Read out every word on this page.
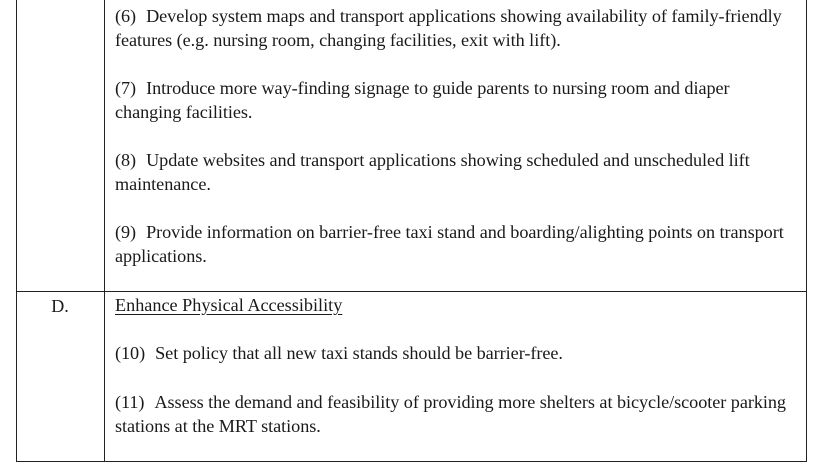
(6) Develop system maps and transport applications showing availability of family-friendly features (e.g. nursing room, changing facilities, exit with lift).
(7) Introduce more way-finding signage to guide parents to nursing room and diaper changing facilities.
(8) Update websites and transport applications showing scheduled and unscheduled lift maintenance.
(9) Provide information on barrier-free taxi stand and boarding/alighting points on transport applications.
D.	Enhance Physical Accessibility
(10) Set policy that all new taxi stands should be barrier-free.
(11) Assess the demand and feasibility of providing more shelters at bicycle/scooter parking stations at the MRT stations.
